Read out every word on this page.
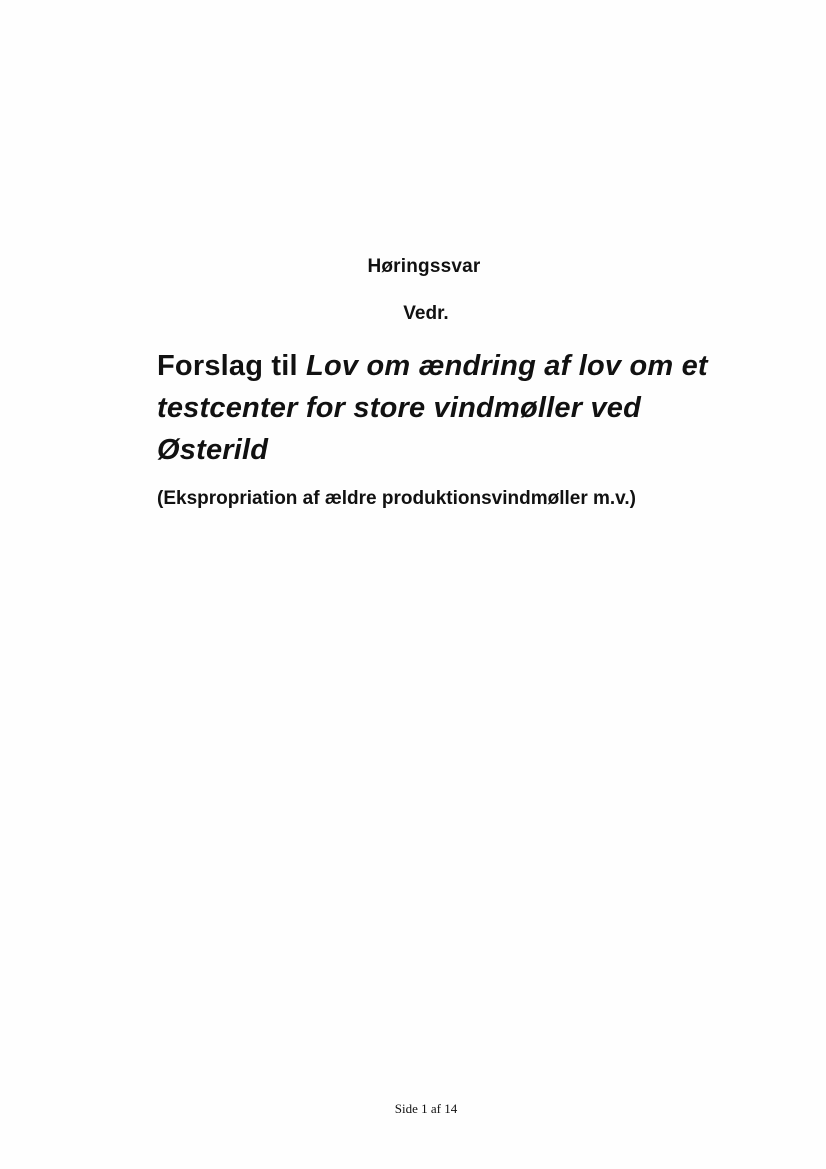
Høringssvar
Vedr.
Forslag til Lov om ændring af lov om et testcenter for store vindmøller ved Østerild
(Ekspropriation af ældre produktionsvindmøller m.v.)
Side 1 af 14
